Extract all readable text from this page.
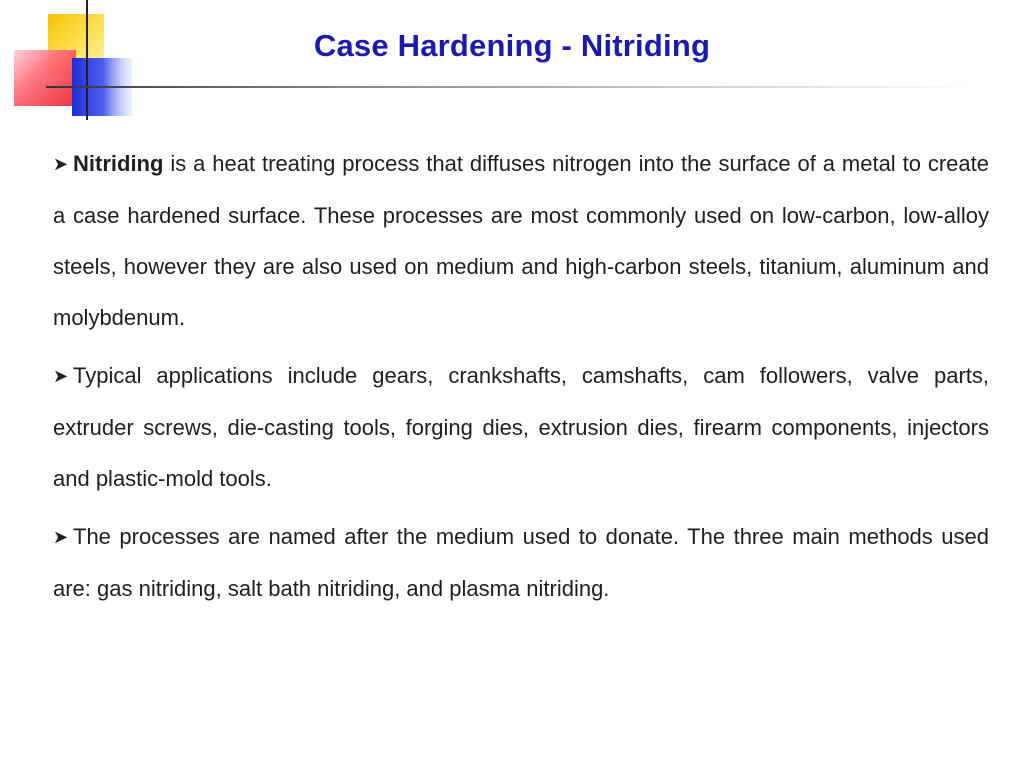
Case Hardening - Nitriding

➤ Nitriding is a heat treating process that diffuses nitrogen into the surface of a metal to create a case hardened surface. These processes are most commonly used on low-carbon, low-alloy steels, however they are also used on medium and high-carbon steels, titanium, aluminum and molybdenum.

➤ Typical applications include gears, crankshafts, camshafts, cam followers, valve parts, extruder screws, die-casting tools, forging dies, extrusion dies, firearm components, injectors and plastic-mold tools.

➤ The processes are named after the medium used to donate. The three main methods used are: gas nitriding, salt bath nitriding, and plasma nitriding.
